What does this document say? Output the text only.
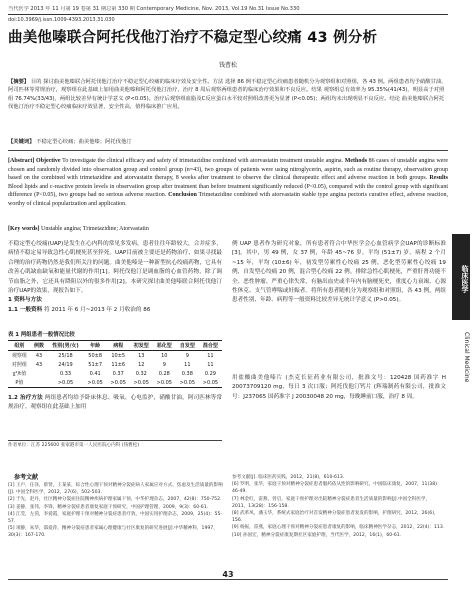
当代医学 2013 年 11 月第 19 卷第 31 期总第 330 期 Contemporary Medicine, Nov. 2013, Vol.19 No.31 Issue No.330
doi:10.3969/j.issn.1009-4393.2013.31.030
曲美他嗪联合阿托伐他汀治疗不稳定型心绞痛 43 例分析
钱曹松
【摘要】 目的 探讨曲美他嗪联合阿托伐他汀治疗不稳定型心绞痛的临床疗效及安全性。方法 选择 86 例不稳定型心绞痛患者随机分为观察组和对照组，各 43 例。两组患者均予硝酸甘油、阿司匹林等常规治疗，观察组在此基础上加用曲美他嗪和阿托伐他汀治疗，治疗 8 周后观察两组患者的临床治疗效果和不良反应。结果 观察组总有效率为 95.35%(41/43)，明显高于对照组 76.74%(33/43)，两组比较差异有统计学意义 (P<0.05)。治疗后观察组血脂及C反应蛋白水平较对照组改善更为显著 (P<0.05)；两组均未出现明显不良反应。结论 曲美他嗪联合阿托伐他汀治疗不稳定型心绞痛临床疗效显著，安全性高，值得临床推广应用。
【关键词】 不稳定型心绞痛；曲美他嗪；阿托伐他汀
[Abstract] Objective To investigate the clinical efficacy and safety of trimetazidine combined with atorvastatin treatment unstable angina. Methods 86 cases of unstable angina were chosen and randomly divided into observation group and control group (n=43), two groups of patients were using nitroglycerin, aspirin, such as routine therapy, observation group based on the combined with trimetazidine and atorvastatin therapy, 8 weeks after treatment to observe the clinical therapeutic effect and adverse reaction in both groups. Results Blood lipids and c-reactive protein levels in observation group after treatment than before treatment significantly reduced (P<0.05), compared with the control group with significant difference (P<0.05), two groups had no serious adverse reaction. Conclusion Trimetazidine combined with atorvastatin stable type angina pectoris curative effect, adverse reaction, worthy of clinical popularization and application.
[Key words] Unstable angina; Trimetazidine; Atorvastatin

不稳定型心绞痛(UAP)是发生在心内科的常见多发病，患者往往年龄较大，合并症多，病情不稳定易导致急性心肌梗死甚至猝死。UAP目前被主要还是药物治疗，如果寻找最合理的治疗药物仍然是我们所关注的问题。曲美他嗪是一种新型抗心绞痛药物，它具有改善心肌缺血缺氧和能量代谢的作用[1]。阿托伐他汀是调血脂的心血管药物，除了调节血脂之外，它还具有降阻以外的很多作用[2]。本研究探讨曲美他嗪联合阿托伐他汀治疗UAP的效果，现报告如下。

1 资料与方法

1.1 一般资料 将 2011 年 6 月~2013 年 2 月收治的 86

表 1 两组患者一般情况比较
组别	例数	性别(男/女)	年龄	病程	初发型	恶化型	自发型	混合型
观察组	43	25/18	50±8	10±5	13	10	9	11
对照组	43	24/19	51±7	11±6	12	9	11	11
χ²/t值		0.33	0.41	0.37	0.32	0.28	0.38	0.29
P值		>0.05	>0.05	>0.05	>0.05	>0.05	>0.05	>0.05

1.2 治疗方法 两组患者均给予卧床休息、吸氧、心电监护，硝酸甘油，阿司匹林等常规治疗。观察组在此基础上加用

例 UAP 患者作为研究对象，所有患者符合中华医学会心血管病学会UAP的诊断标准[3]。其中，男 49 例，女 37 例，年龄 45~76 岁，平均 (51±7) 岁，病程 2 个月~15 年，平均 (10±6) 年，初发型劳累性心绞痛 25 例，恶化型劳累性心绞痛 19 例，自发型心绞痛 20 例，混合型心绞痛 22 例。排除急性心肌梗死，严重肝肾功能不全、恶性肿瘤、严重心律失常，有脑出血史或半年内有脑梗死史，重度心力衰竭、心源性休克、支气管哮喘或妊娠者。将所有患者随机分为观察组和对照组，各 43 例，两组患者性别、年龄、病程等一般资料比较差异无统计学意义 (P>0.05)。

用盐酸曲美他嗪片 (杰克长征药业有限公司，批准文号：120428 国药准字 H 20073709120 mg，每日 3 次口服；阿托伐他汀钙片 (辉瑞制药有限公司，批准文号：J237065 国药准字 J 20030048 20 mg，每晚睡前口服，治疗 8 周。

临床医学
Clinical Medicine
作者单位：江苏 225600 张家港市第一人民医院心内科 (钱曹松)
参考文献
[1] 王卢，任泽，蔡贤，王某某，综合性心理干预对精神分裂症病人家属应对方式、焦虑及生活质量的影响[J]. 中国全科医学，2012，27(6)，502-503.
[2] 于先，赵丹，社区精神分裂症住院精神疾病护理家属干预，中华护理杂志，2007，42(8)：750-752.
[3] 姜静，张伟，李锋，精神分裂症患者康复家庭干预研究，中国护理管理，2009，9(3)：60-61.
[4] 江莞，左茵，李爱霞，家庭护理干预对精神分裂症患者疗效，中国实用护理杂志，2009，25(4)：55-57.
[5] 项静，朱华，邵爱萍，精神分裂症患者家属心理健康与社区康复的研究进展[J].中华精神科，1997，30(3)：167-170.
参考文献[J]. 临床医药实践，2012，21(8)，610-613.
[6] 罗明，张华，家庭干预对精神分裂症患者服药依从性的影响研究，中国临床康复，2007，11(38)：46-49.
[7] 林金红，雷燕，曾启，家庭干预护理对出院精神分裂症患者生活质量的影响[J].中国全科医学，2011，13(28)：156-158.
[8] 武革凤，潘玉华，系统式家庭治疗对首发精神分裂症患者复发的影响，护理研究，2012，26(6)，156.
[9] 杨振，雷燕，家庭心理干预对精神分裂症患者康复的影响，临床精神医学杂志，2012，22(4)：113.
[10] 孙国宏，精神分裂症康复期社区家庭护理，当代医学，2012，16(1)，60-61.
43
